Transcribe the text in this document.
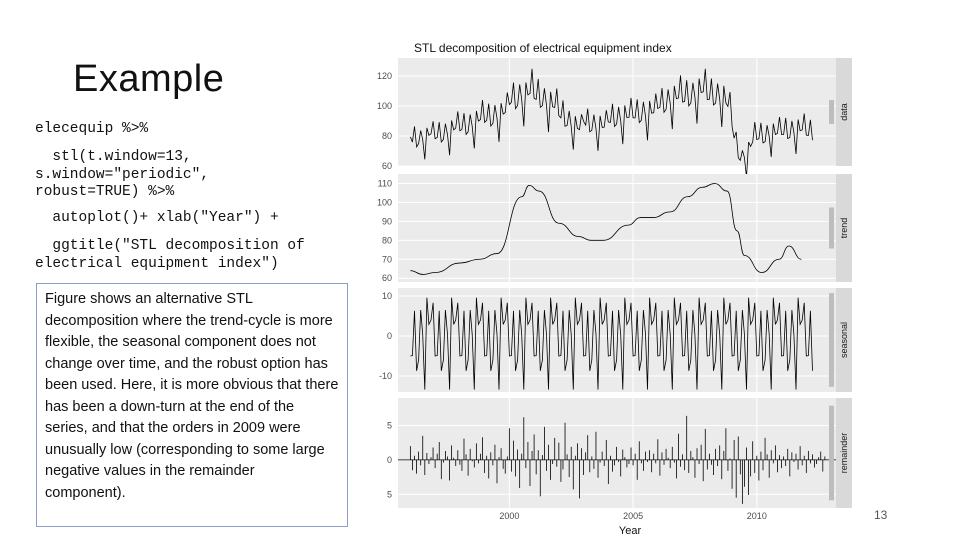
Example
elecequip %>%
stl(t.window=13,
s.window="periodic",
robust=TRUE) %>%
autoplot()+ xlab("Year") +
ggtitle("STL decomposition of
electrical equipment index")
Figure shows an alternative STL decomposition where the trend-cycle is more flexible, the seasonal component does not change over time, and the robust option has been used. Here, it is more obvious that there has been a down-turn at the end of the series, and that the orders in 2009 were unusually low (corresponding to some large negative values in the remainder component).
STL decomposition of electrical equipment index
60
80
100
120
data
60
70
80
90
100
110
trend
-10
0
10
seasonal
5
0
5
remainder
2000	2005	2010
Year
13
